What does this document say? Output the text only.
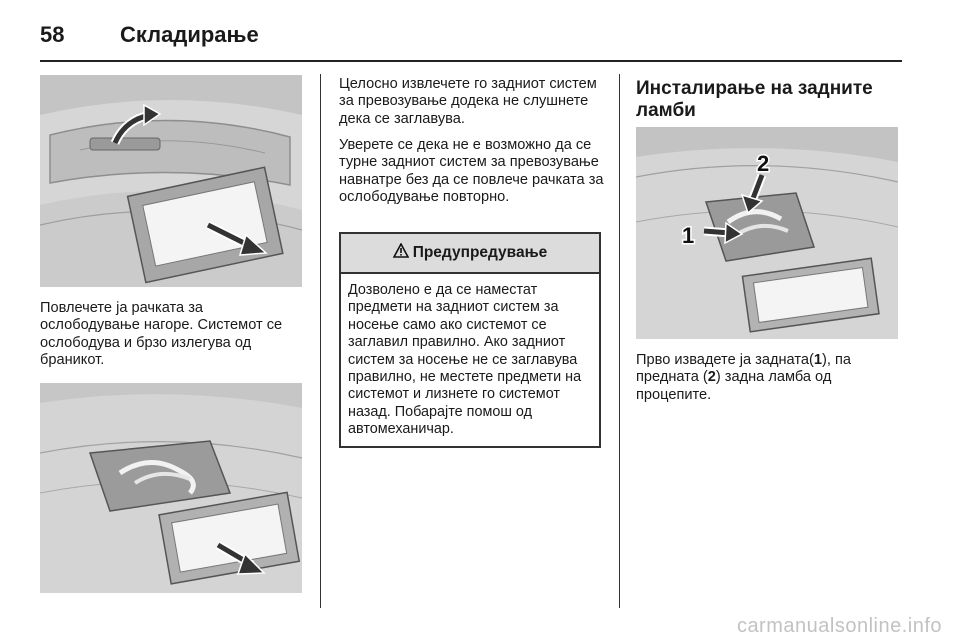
58	Складирање

Повлечете ја рачката за ослободување нагоре. Системот се ослободува и брзо излегува од браникот.

Целосно извлечете го задниот систем за превозување додека не слушнете дека се заглавува.

Уверете се дека не е возможно да се турне задниот систем за превозување навнатре без да се повлече рачката за ослободување повторно.

Предупредување
Дозволено е да се наместат предмети на задниот систем за носење само ако системот се заглавил правилно. Ако задниот систем за носење не се заглавува правилно, не местете предмети на системот и лизнете го системот назад. Побарајте помош од автомеханичар.
Инсталирање на задните ламби
2
1

Прво извадете ја задната(1), па предната (2) задна ламба од процепите.

carmanualsonline.info
